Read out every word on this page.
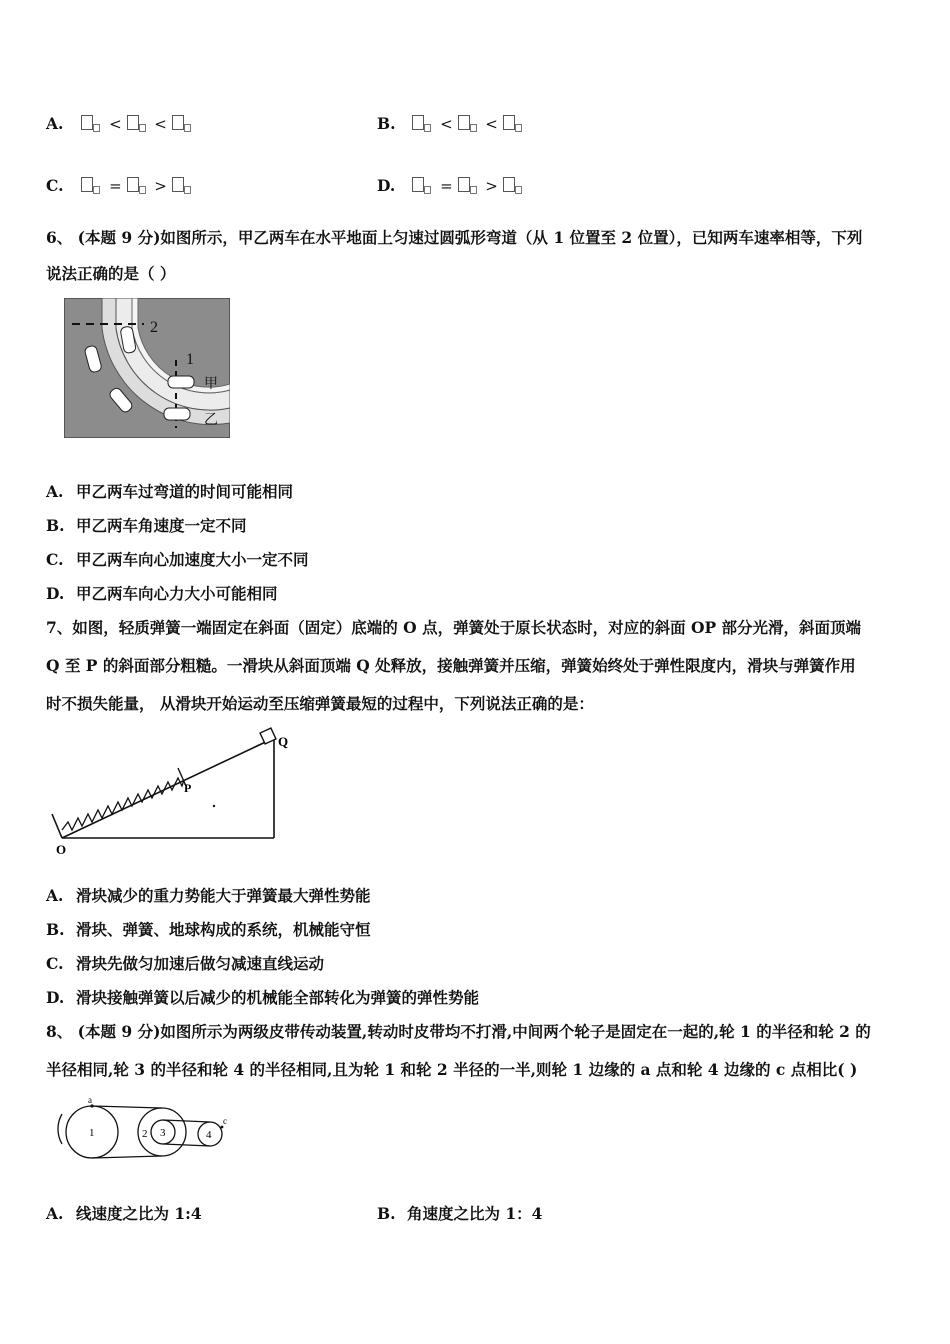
A.	<  <	B.	<  <
C.	=  >	D.	=  >
6、 (本题 9 分)如图所示，甲乙两车在水平地面上匀速过圆弧形弯道（从 1 位置至 2 位置），已知两车速率相等，下列
说法正确的是（ ）
2
1
甲
乙
A. 甲乙两车过弯道的时间可能相同
B. 甲乙两车角速度一定不同
C. 甲乙两车向心加速度大小一定不同
D. 甲乙两车向心力大小可能相同
7、如图，轻质弹簧一端固定在斜面（固定）底端的 O 点，弹簧处于原长状态时，对应的斜面 OP 部分光滑，斜面顶端
Q 至 P 的斜面部分粗糙。一滑块从斜面顶端 Q 处释放，接触弹簧并压缩，弹簧始终处于弹性限度内，滑块与弹簧作用
时不损失能量， 从滑块开始运动至压缩弹簧最短的过程中，下列说法正确的是：
O
P
Q
A. 滑块减少的重力势能大于弹簧最大弹性势能
B. 滑块、弹簧、地球构成的系统，机械能守恒
C. 滑块先做匀加速后做匀减速直线运动
D. 滑块接触弹簧以后减少的机械能全部转化为弹簧的弹性势能
8、 (本题 9 分)如图所示为两级皮带传动装置,转动时皮带均不打滑,中间两个轮子是固定在一起的,轮 1 的半径和轮 2 的
半径相同,轮 3 的半径和轮 4 的半径相同,且为轮 1 和轮 2 半径的一半,则轮 1 边缘的 a 点和轮 4 边缘的 c 点相比( )
a
c
1	2 3	4
A. 线速度之比为 1:4	B. 角速度之比为 1：4
